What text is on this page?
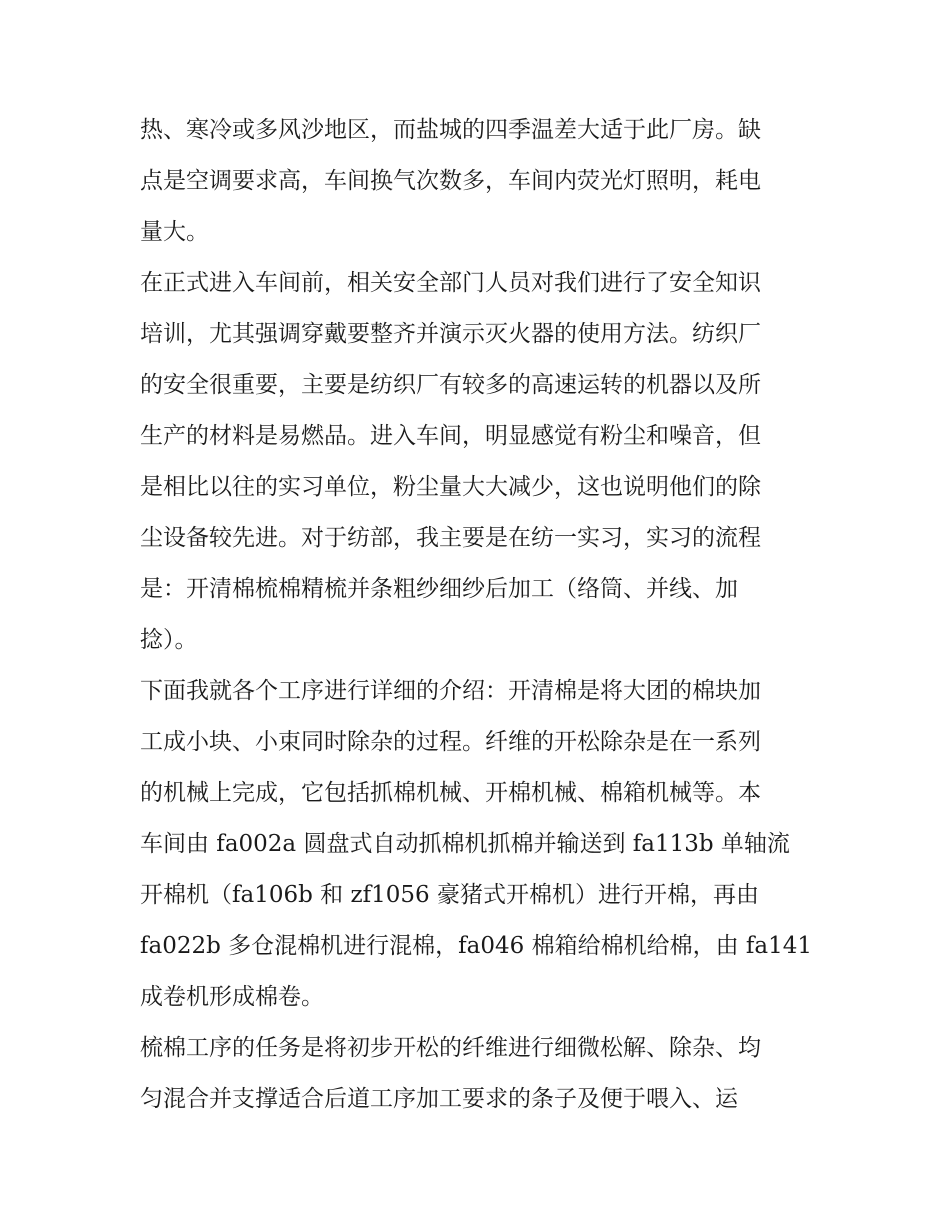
热、寒冷或多风沙地区，而盐城的四季温差大适于此厂房。缺
点是空调要求高，车间换气次数多，车间内荧光灯照明，耗电
量大。
在正式进入车间前，相关安全部门人员对我们进行了安全知识
培训，尤其强调穿戴要整齐并演示灭火器的使用方法。纺织厂
的安全很重要，主要是纺织厂有较多的高速运转的机器以及所
生产的材料是易燃品。进入车间，明显感觉有粉尘和噪音，但
是相比以往的实习单位，粉尘量大大减少，这也说明他们的除
尘设备较先进。对于纺部，我主要是在纺一实习，实习的流程
是：开清棉梳棉精梳并条粗纱细纱后加工（络筒、并线、加
捻）。
下面我就各个工序进行详细的介绍：开清棉是将大团的棉块加
工成小块、小束同时除杂的过程。纤维的开松除杂是在一系列
的机械上完成，它包括抓棉机械、开棉机械、棉箱机械等。本
车间由 fa002a 圆盘式自动抓棉机抓棉并输送到 fa113b 单轴流
开棉机（fa106b 和 zf1056 豪猪式开棉机）进行开棉，再由
fa022b 多仓混棉机进行混棉，fa046 棉箱给棉机给棉，由 fa141
成卷机形成棉卷。
梳棉工序的任务是将初步开松的纤维进行细微松解、除杂、均
匀混合并支撑适合后道工序加工要求的条子及便于喂入、运
